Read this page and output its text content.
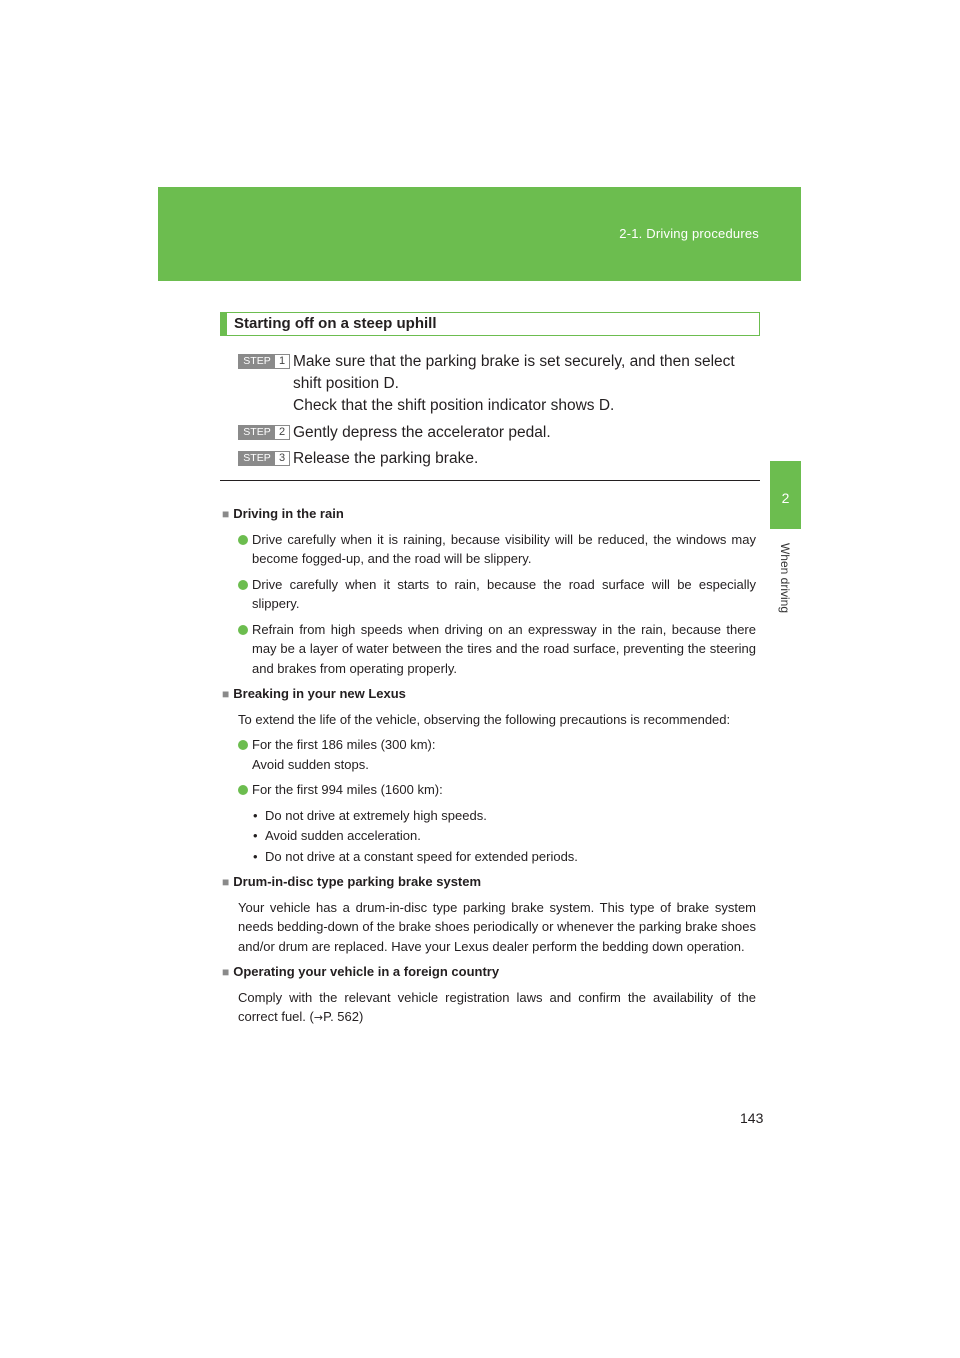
2-1. Driving procedures
2
When driving
Starting off on a steep uphill
STEP 1 Make sure that the parking brake is set securely, and then select
shift position D.
Check that the shift position indicator shows D.
STEP 2 Gently depress the accelerator pedal.
STEP 3 Release the parking brake.
■ Driving in the rain
Drive carefully when it is raining, because visibility will be reduced, the windows may become fogged-up, and the road will be slippery.
Drive carefully when it starts to rain, because the road surface will be especially slippery.
Refrain from high speeds when driving on an expressway in the rain, because there may be a layer of water between the tires and the road surface, preventing the steering and brakes from operating properly.
■ Breaking in your new Lexus
To extend the life of the vehicle, observing the following precautions is recommended:
For the first 186 miles (300 km):
Avoid sudden stops.
For the first 994 miles (1600 km):
• Do not drive at extremely high speeds.
• Avoid sudden acceleration.
• Do not drive at a constant speed for extended periods.
■ Drum-in-disc type parking brake system
Your vehicle has a drum-in-disc type parking brake system. This type of brake system needs bedding-down of the brake shoes periodically or whenever the parking brake shoes and/or drum are replaced. Have your Lexus dealer perform the bedding down operation.
■ Operating your vehicle in a foreign country
Comply with the relevant vehicle registration laws and confirm the availability of the correct fuel. (→P. 562)
143
